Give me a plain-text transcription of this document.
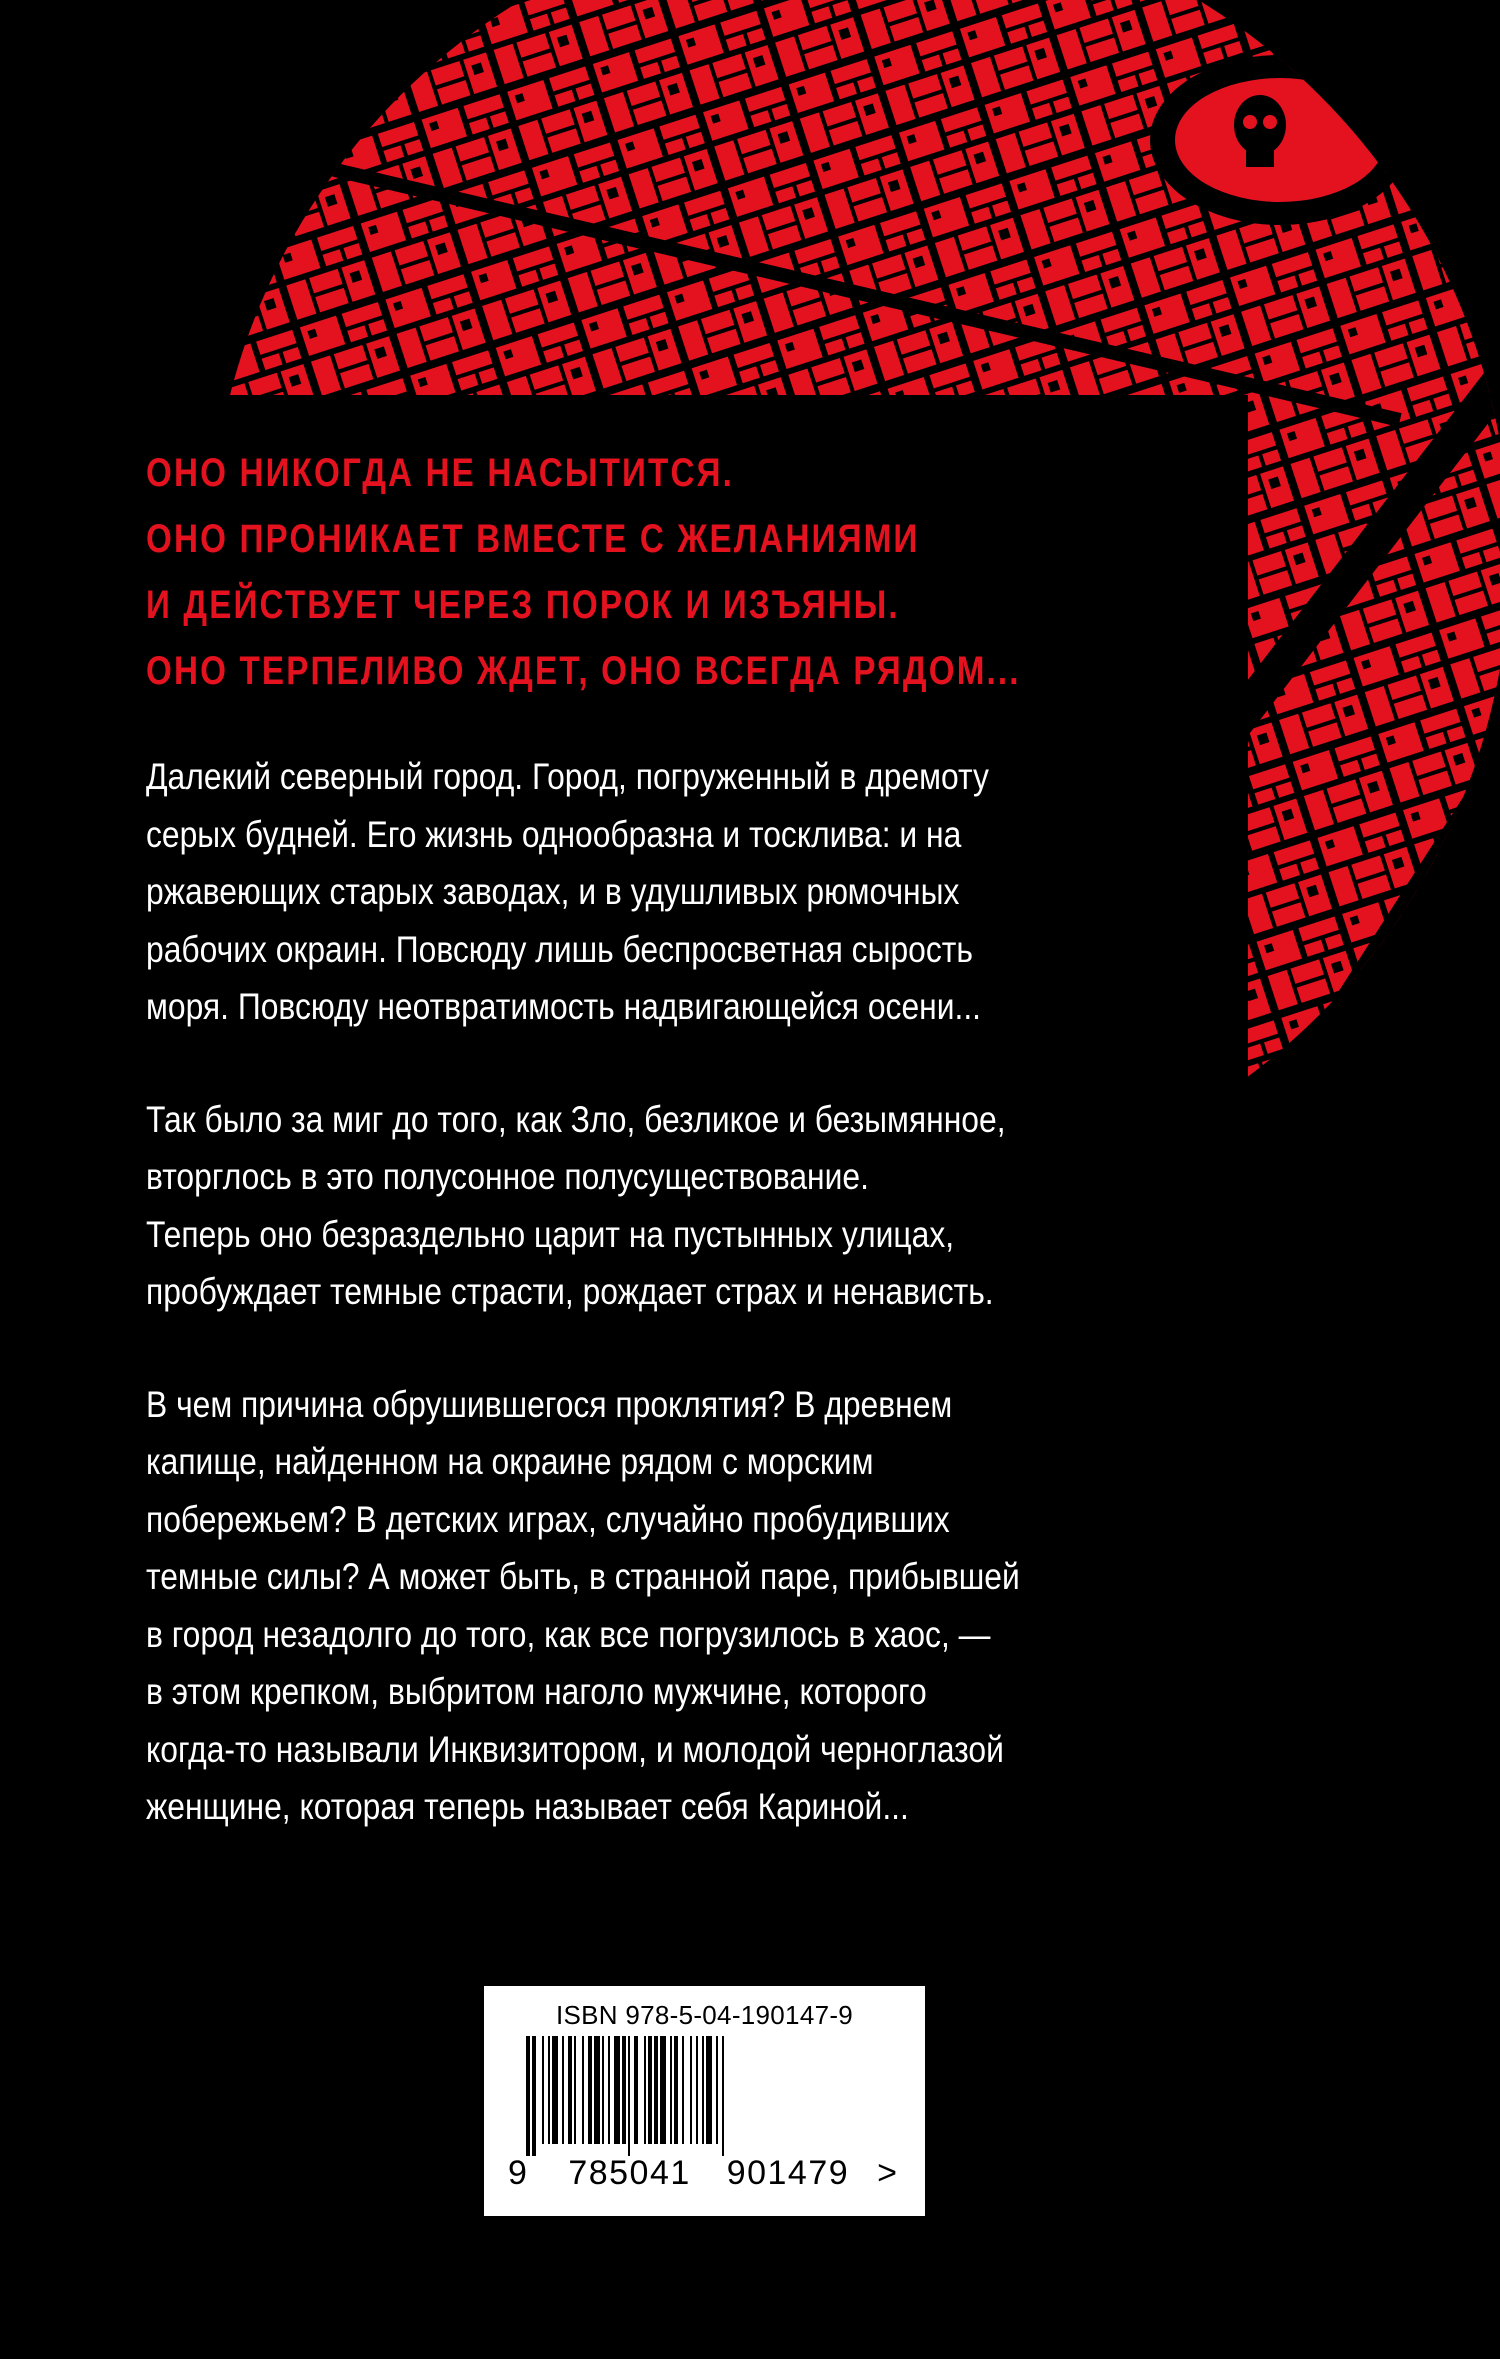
ОНО НИКОГДА НЕ НАСЫТИТСЯ.
ОНО ПРОНИКАЕТ ВМЕСТЕ С ЖЕЛАНИЯМИ
И ДЕЙСТВУЕТ ЧЕРЕЗ ПОРОК И ИЗЪЯНЫ.
ОНО ТЕРПЕЛИВО ЖДЕТ, ОНО ВСЕГДА РЯДОМ...
Далекий северный город. Город, погруженный в дремоту
серых будней. Его жизнь однообразна и тосклива: и на
ржавеющих старых заводах, и в удушливых рюмочных
рабочих окраин. Повсюду лишь беспросветная сырость
моря. Повсюду неотвратимость надвигающейся осени...
Так было за миг до того, как Зло, безликое и безымянное,
вторглось в это полусонное полусуществование.
Теперь оно безраздельно царит на пустынных улицах,
пробуждает темные страсти, рождает страх и ненависть.
В чем причина обрушившегося проклятия? В древнем
капище, найденном на окраине рядом с морским
побережьем? В детских играх, случайно пробудивших
темные силы? А может быть, в странной паре, прибывшей
в город незадолго до того, как все погрузилось в хаос, —
в этом крепком, выбритом наголо мужчине, которого
когда-то называли Инквизитором, и молодой черноглазой
женщине, которая теперь называет себя Кариной...
ISBN 978-5-04-190147-9
9 785041 901479 >
www.eksmo.ru
